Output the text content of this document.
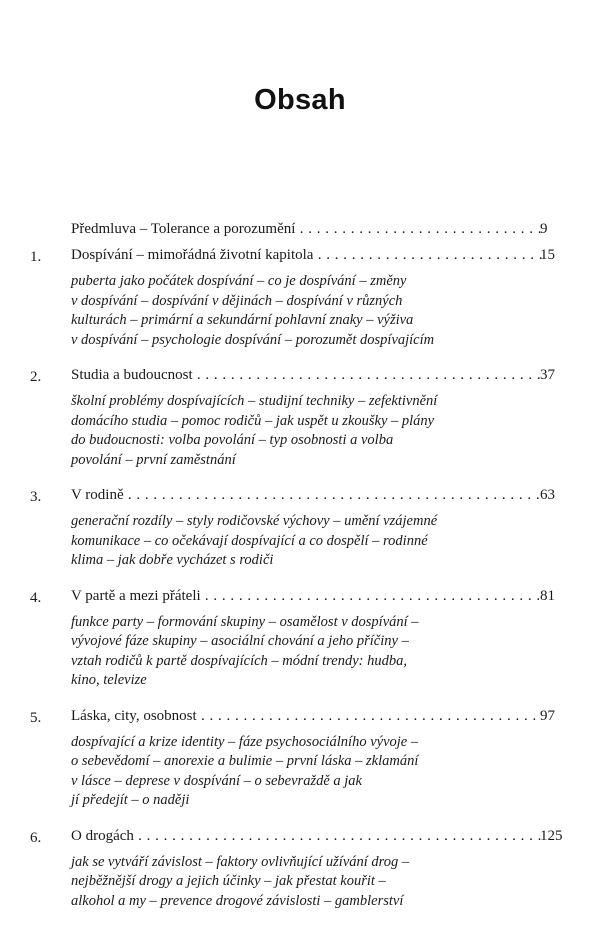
Obsah
Předmluva – Tolerance a porozumění . . .	9
1. Dospívání – mimořádná životní kapitola . . .	15
puberta jako počátek dospívání – co je dospívání – změny
v dospívání – dospívání v dějinách – dospívání v různých
kulturách – primární a sekundární pohlavní znaky – výživa
v dospívání – psychologie dospívání – porozumět dospívajícím
2. Studia a budoucnost . . .	37
školní problémy dospívajících – studijní techniky – zefektivnění
domácího studia – pomoc rodičů – jak uspět u zkoušky – plány
do budoucnosti: volba povolání – typ osobnosti a volba
povolání – první zaměstnání
3. V rodině . . .	63
generační rozdíly – styly rodičovské výchovy – umění vzájemné
komunikace – co očekávají dospívající a co dospělí – rodinné
klima – jak dobře vycházet s rodiči
4. V partě a mezi přáteli . . .	81
funkce party – formování skupiny – osamělost v dospívání –
vývojové fáze skupiny – asociální chování a jeho příčiny –
vztah rodičů k partě dospívajících – módní trendy: hudba,
kino, televize
5. Láska, city, osobnost . . .	97
dospívající a krize identity – fáze psychosociálního vývoje –
o sebevědomí – anorexie a bulimie – první láska – zklamání
v lásce – deprese v dospívání – o sebevraždě a jak
jí předejít – o naději
6. O drogách . . .	125
jak se vytváří závislost – faktory ovlivňující užívání drog –
nejběžnější drogy a jejich účinky – jak přestat kouřit –
alkohol a my – prevence drogové závislosti – gamblerství
